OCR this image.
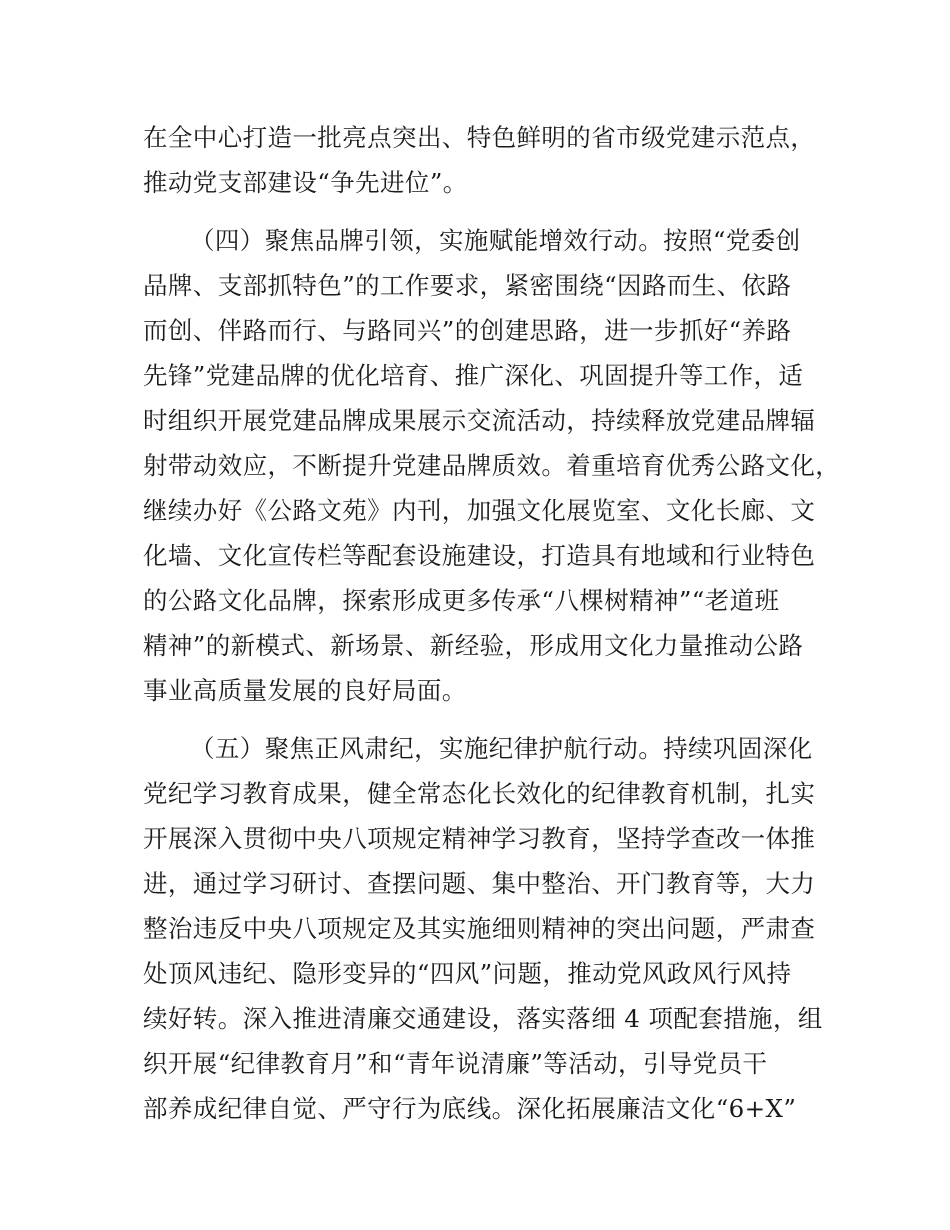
在全中心打造一批亮点突出、特色鲜明的省市级党建示范点，
推动党支部建设“争先进位”。
（四）聚焦品牌引领，实施赋能增效行动。按照“党委创
品牌、支部抓特色”的工作要求，紧密围绕“因路而生、依路
而创、伴路而行、与路同兴”的创建思路，进一步抓好“养路
先锋”党建品牌的优化培育、推广深化、巩固提升等工作，适
时组织开展党建品牌成果展示交流活动，持续释放党建品牌辐
射带动效应，不断提升党建品牌质效。着重培育优秀公路文化，
继续办好《公路文苑》内刊，加强文化展览室、文化长廊、文
化墙、文化宣传栏等配套设施建设，打造具有地域和行业特色
的公路文化品牌，探索形成更多传承“八棵树精神”“老道班
精神”的新模式、新场景、新经验，形成用文化力量推动公路
事业高质量发展的良好局面。
（五）聚焦正风肃纪，实施纪律护航行动。持续巩固深化
党纪学习教育成果，健全常态化长效化的纪律教育机制，扎实
开展深入贯彻中央八项规定精神学习教育，坚持学查改一体推
进，通过学习研讨、查摆问题、集中整治、开门教育等，大力
整治违反中央八项规定及其实施细则精神的突出问题，严肃查
处顶风违纪、隐形变异的“四风”问题，推动党风政风行风持
续好转。深入推进清廉交通建设，落实落细 4 项配套措施，组
织开展“纪律教育月”和“青年说清廉”等活动，引导党员干
部养成纪律自觉、严守行为底线。深化拓展廉洁文化“6+X”
